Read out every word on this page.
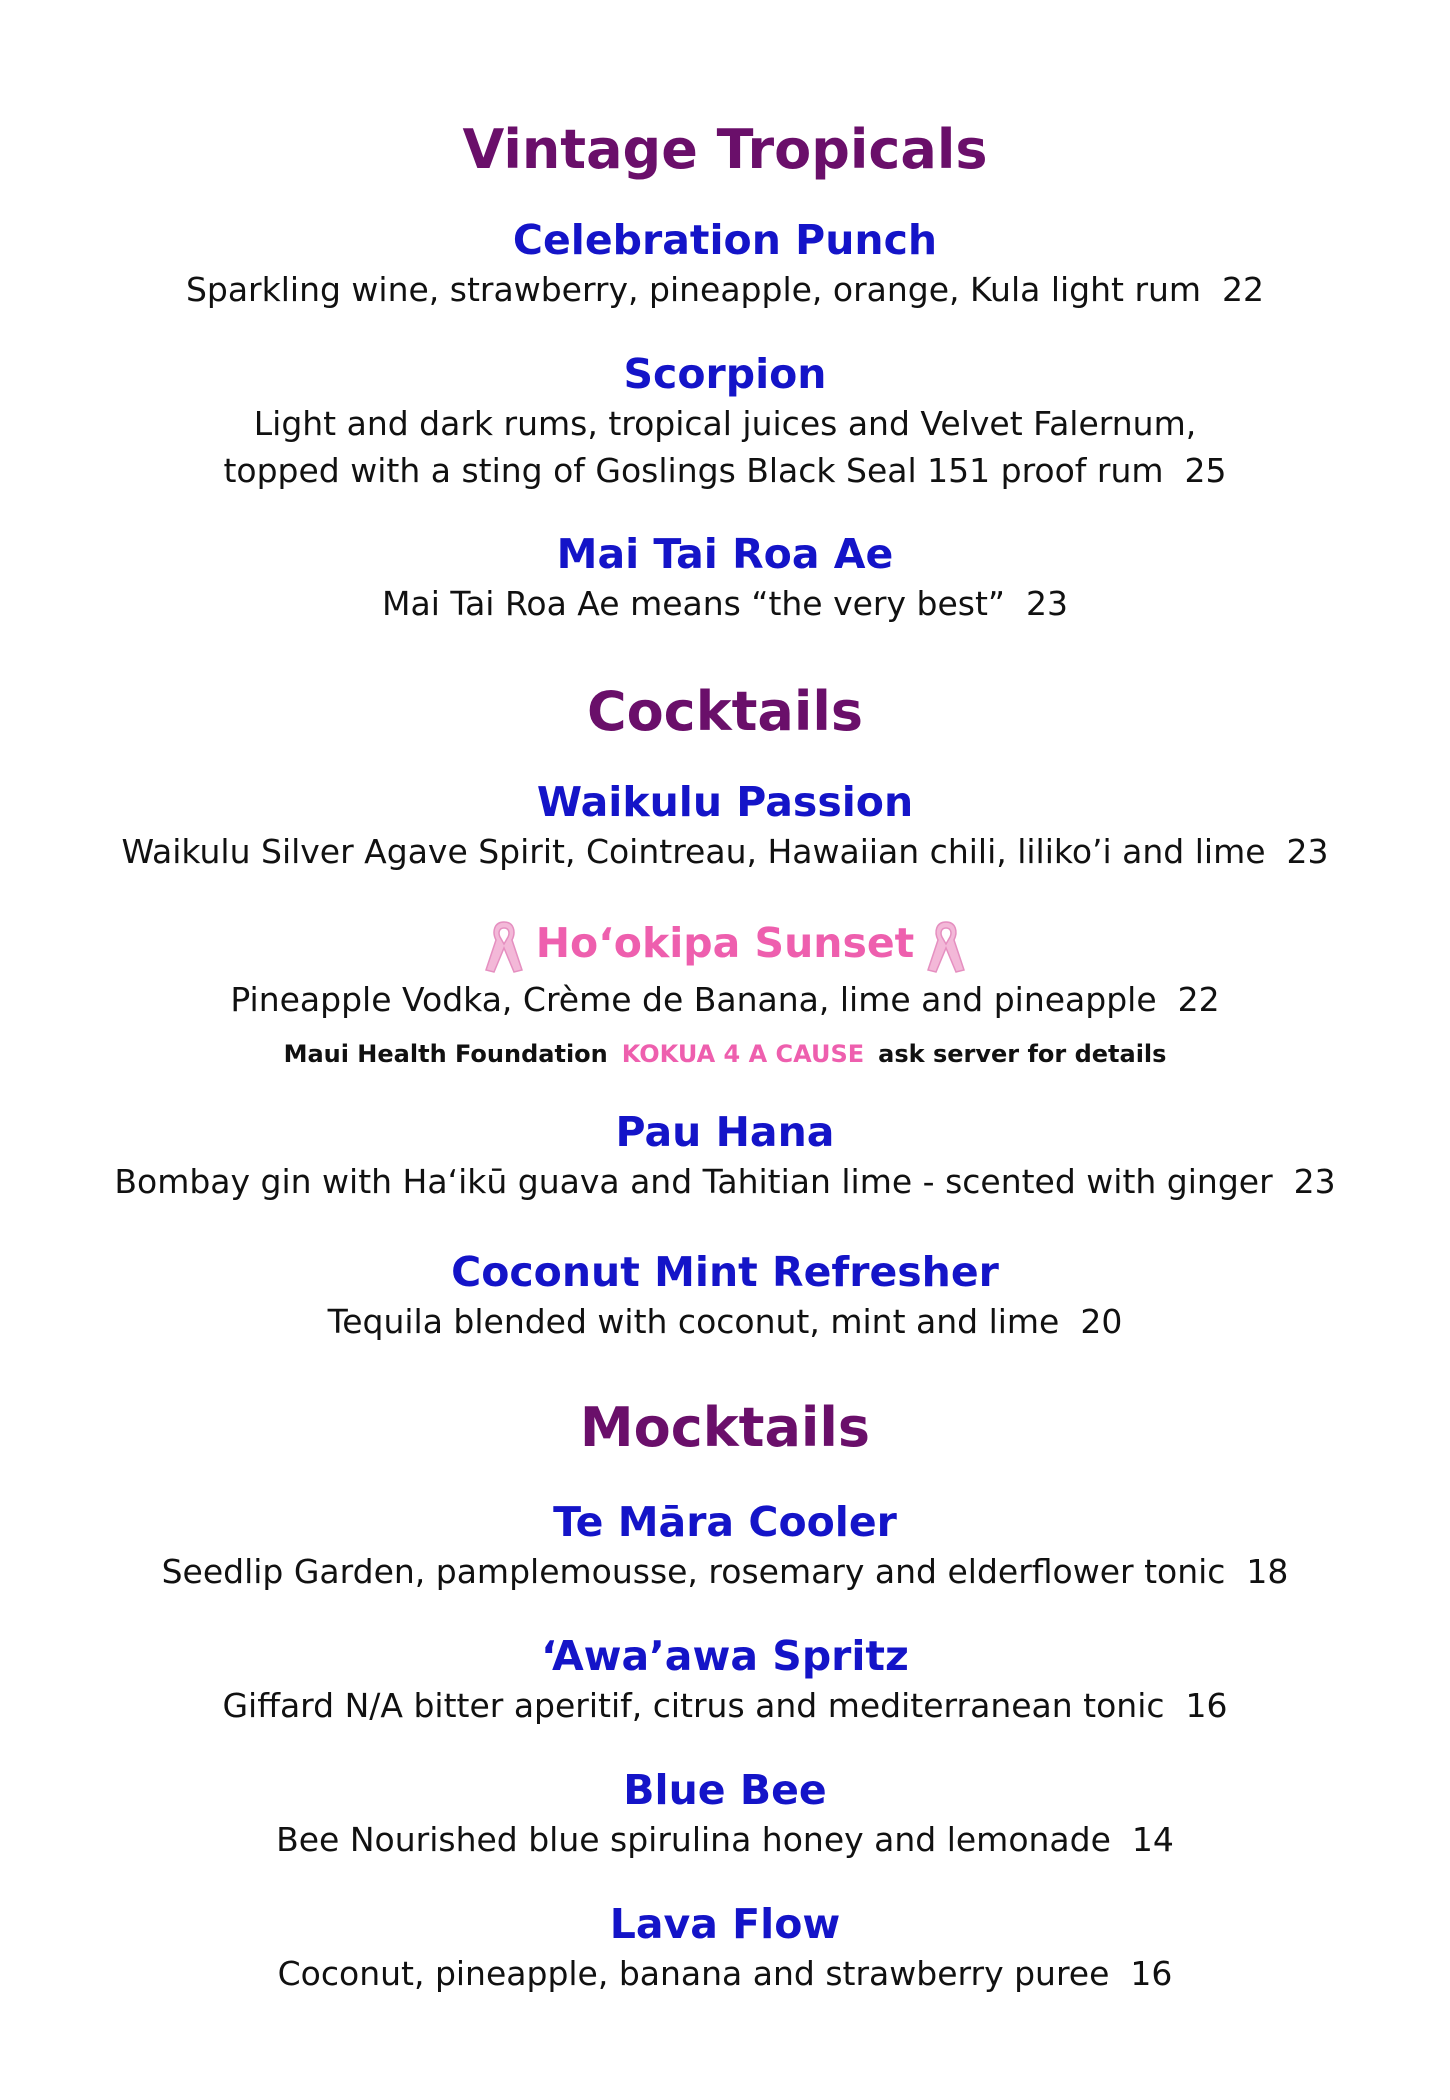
Vintage Tropicals
Celebration Punch
Sparkling wine, strawberry, pineapple, orange, Kula light rum  22
Scorpion
Light and dark rums, tropical juices and Velvet Falernum,
topped with a sting of Goslings Black Seal 151 proof rum  25
Mai Tai Roa Ae
Mai Tai Roa Ae means “the very best”  23
Cocktails
Waikulu Passion
Waikulu Silver Agave Spirit, Cointreau, Hawaiian chili, liliko’i and lime  23
Hoʻokipa Sunset
Pineapple Vodka, Crème de Banana, lime and pineapple  22
Maui Health Foundation KOKUA 4 A CAUSE ask server for details
Pau Hana
Bombay gin with Haʻikū guava and Tahitian lime - scented with ginger  23
Coconut Mint Refresher
Tequila blended with coconut, mint and lime  20
Mocktails
Te Māra Cooler
Seedlip Garden, pamplemousse, rosemary and elderflower tonic  18
‘Awa’awa Spritz
Giffard N/A bitter aperitif, citrus and mediterranean tonic  16
Blue Bee
Bee Nourished blue spirulina honey and lemonade  14
Lava Flow
Coconut, pineapple, banana and strawberry puree  16
